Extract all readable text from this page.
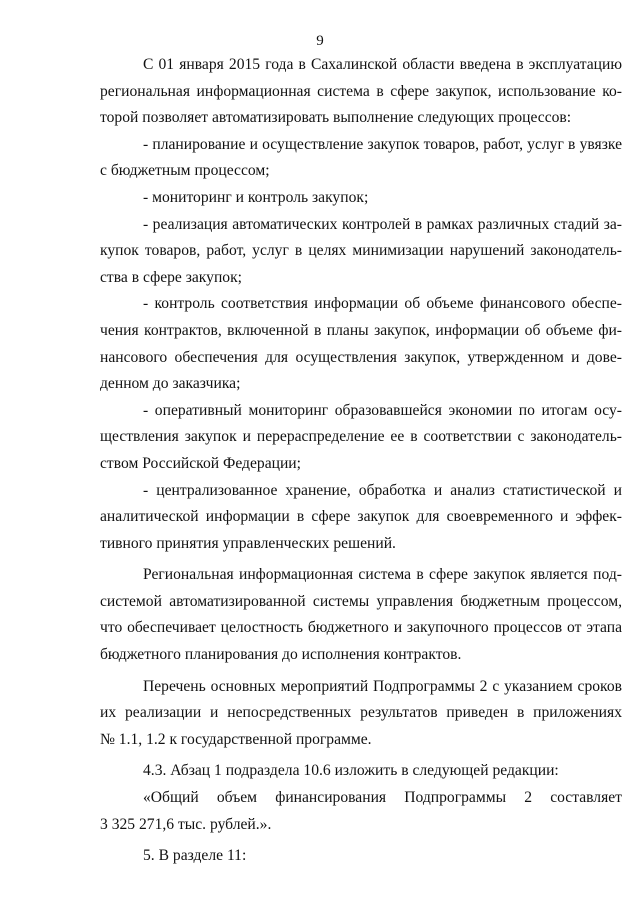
9
С 01 января 2015 года в Сахалинской области введена в эксплуатацию
региональная информационная система в сфере закупок, использование ко-
торой позволяет автоматизировать выполнение следующих процессов:
- планирование и осуществление закупок товаров, работ, услуг в увязке
с бюджетным процессом;
- мониторинг и контроль закупок;
- реализация автоматических контролей в рамках различных стадий за-
купок товаров, работ, услуг в целях минимизации нарушений законодатель-
ства в сфере закупок;
- контроль соответствия информации об объеме финансового обеспе-
чения контрактов, включенной в планы закупок, информации об объеме фи-
нансового обеспечения для осуществления закупок, утвержденном и дове-
денном до заказчика;
- оперативный мониторинг образовавшейся экономии по итогам осу-
ществления закупок и перераспределение ее в соответствии с законодатель-
ством Российской Федерации;
- централизованное хранение, обработка и анализ статистической и
аналитической информации в сфере закупок для своевременного и эффек-
тивного принятия управленческих решений.
Региональная информационная система в сфере закупок является под-
системой автоматизированной системы управления бюджетным процессом,
что обеспечивает целостность бюджетного и закупочного процессов от этапа
бюджетного планирования до исполнения контрактов.
Перечень основных мероприятий Подпрограммы 2 с указанием сроков
их реализации и непосредственных результатов приведен в приложениях
№ 1.1, 1.2 к государственной программе.
4.3. Абзац 1 подраздела 10.6 изложить в следующей редакции:
«Общий объем финансирования Подпрограммы 2 составляет
3 325 271,6 тыс. рублей.».
5. В разделе 11:
